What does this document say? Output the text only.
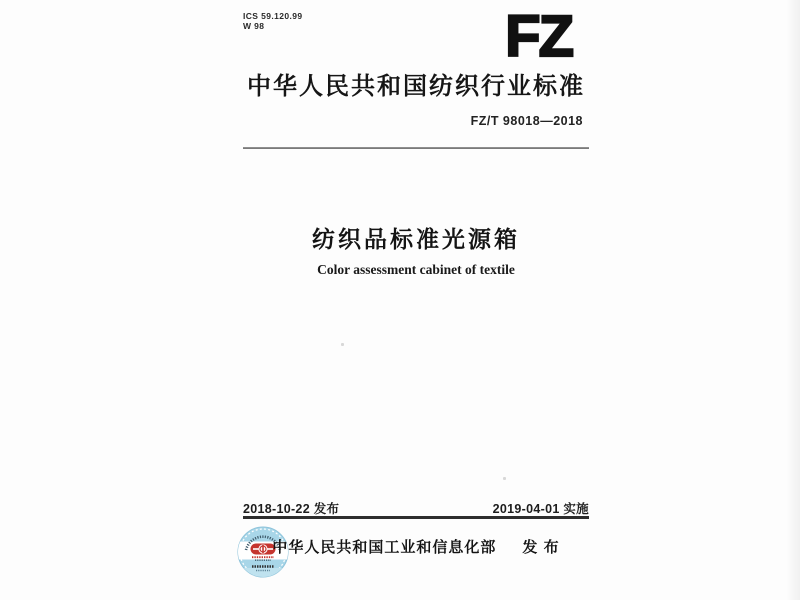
ICS 59.120.99
W 98	FZ
中华人民共和国纺织行业标准
FZ/T 98018—2018
纺织品标准光源箱
Color assessment cabinet of textile
2018-10-22 发布	2019-04-01 实施
中华人民共和国工业和信息化部 发 布
